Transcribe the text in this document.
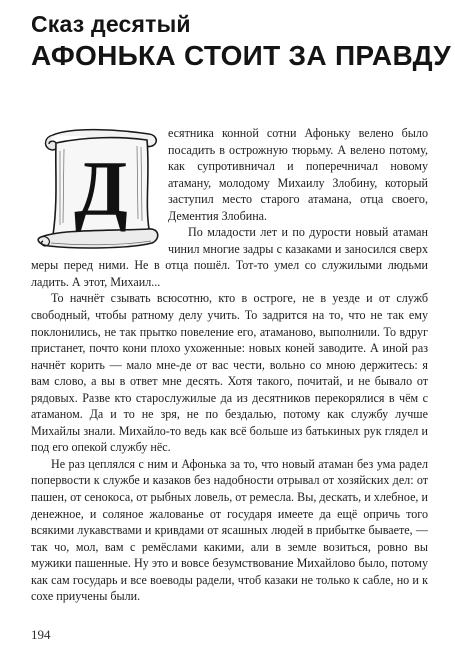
Сказ десятый
АФОНЬКА СТОИТ ЗА ПРАВДУ
Д

есятника конной сотни Афоньку велено было посадить в острожную тюрьму. А велено потому, как супротивничал и поперечничал новому атаману, молодому Михаилу Злобину, который заступил место старого атамана, отца своего, Дементия Злобина.

По младости лет и по дурости новый атаман чинил многие задры с казаками и заносился сверх меры перед ними. Не в отца пошёл. Тот-то умел со служилыми людьми ладить. А этот, Михаил...

То начнёт сзывать всюсотню, кто в остроге, не в уезде и от служб свободный, чтобы ратному делу учить. То задрится на то, что не так ему поклонились, не так прытко повеление его, атаманово, выполнили. То вдруг пристанет, почто кони плохо ухоженные: новых коней заводите. А иной раз начнёт корить — мало мне-де от вас чести, вольно со мною держитесь: я вам слово, а вы в ответ мне десять. Хотя такого, почитай, и не бывало от рядовых. Разве кто старослужилые да из десятников перекорялися в чём с атаманом. Да и то не зря, не по бездалью, потому как службу лучше Михайлы знали. Михайло-то ведь как всё больше из батькиных рук глядел и под его опекой службу нёс.

Не раз цеплялся с ним и Афонька за то, что новый атаман без ума радел попервости к службе и казаков без надобности отрывал от хозяйских дел: от пашен, от сенокоса, от рыбных ловель, от ремесла. Вы, дескать, и хлебное, и денежное, и соляное жалованье от государя имеете да ещё опричь того всякими лукавствами и кривдами от ясашных людей в прибытке бываете, — так чо, мол, вам с ремёслами какими, али в земле возиться, ровно вы мужики пашенные. Ну это и вовсе безумствование Михайлово было, потому как сам государь и все воеводы радели, чтоб казаки не только к сабле, но и к сохе приучены были.

194
